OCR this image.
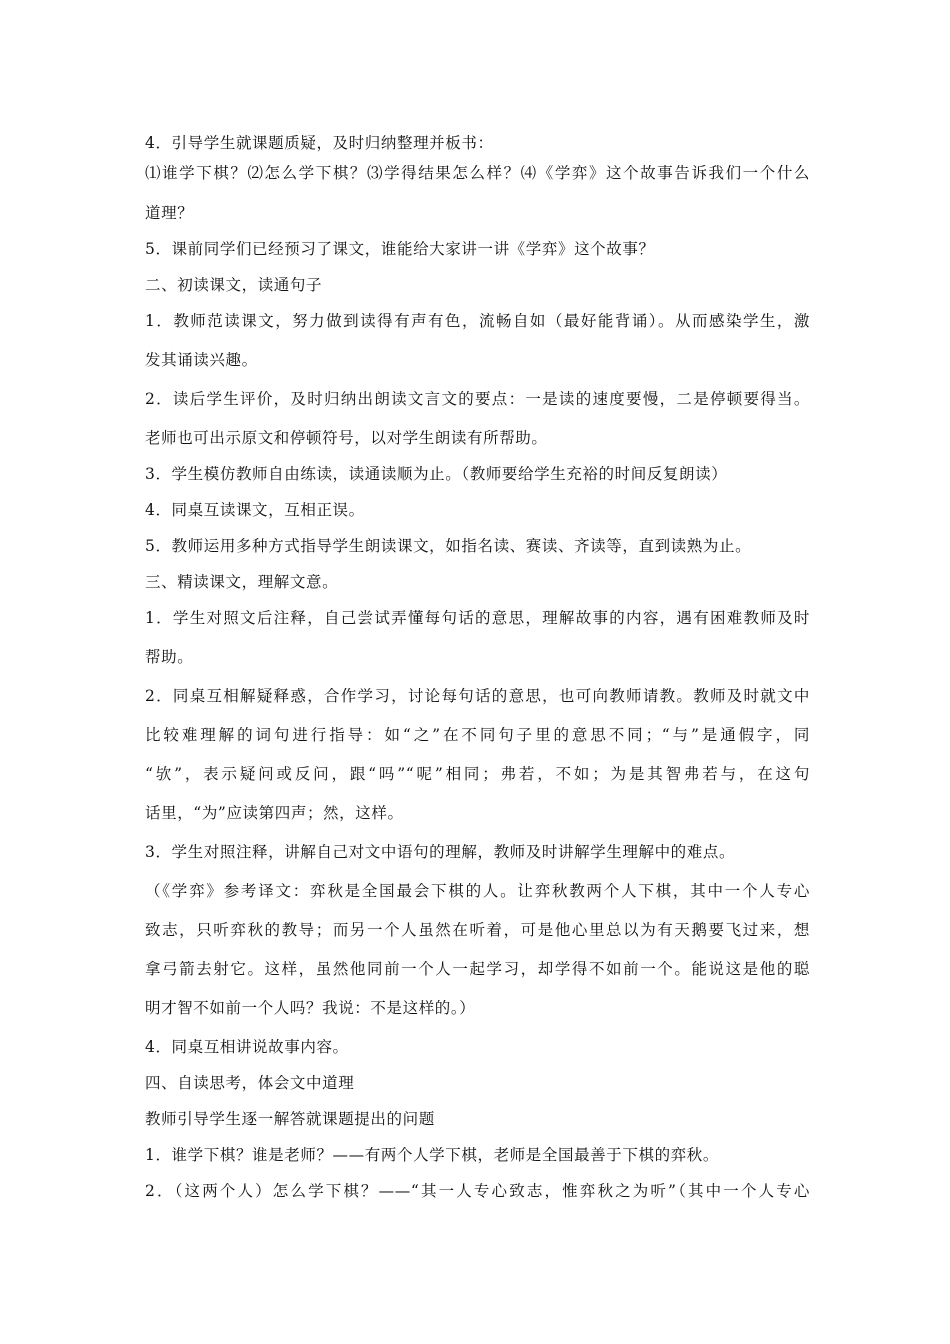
4．引导学生就课题质疑，及时归纳整理并板书：
⑴谁学下棋？⑵怎么学下棋？⑶学得结果怎么样？⑷《学弈》这个故事告诉我们一个什么
道理？
5．课前同学们已经预习了课文，谁能给大家讲一讲《学弈》这个故事？
二、初读课文，读通句子
1．教师范读课文，努力做到读得有声有色，流畅自如（最好能背诵）。从而感染学生，激
发其诵读兴趣。
2．读后学生评价，及时归纳出朗读文言文的要点：一是读的速度要慢，二是停顿要得当。
老师也可出示原文和停顿符号，以对学生朗读有所帮助。
3．学生模仿教师自由练读，读通读顺为止。（教师要给学生充裕的时间反复朗读）
4．同桌互读课文，互相正误。
5．教师运用多种方式指导学生朗读课文，如指名读、赛读、齐读等，直到读熟为止。
三、精读课文，理解文意。
1．学生对照文后注释，自己尝试弄懂每句话的意思，理解故事的内容，遇有困难教师及时
帮助。
2．同桌互相解疑释惑，合作学习，讨论每句话的意思，也可向教师请教。教师及时就文中
比较难理解的词句进行指导：如“之”在不同句子里的意思不同；“与”是通假字，同
“欤”，表示疑问或反问，跟“吗”“呢”相同；弗若，不如；为是其智弗若与，在这句
话里，“为”应读第四声；然，这样。
3．学生对照注释，讲解自己对文中语句的理解，教师及时讲解学生理解中的难点。
（《学弈》参考译文：弈秋是全国最会下棋的人。让弈秋教两个人下棋，其中一个人专心
致志，只听弈秋的教导；而另一个人虽然在听着，可是他心里总以为有天鹅要飞过来，想
拿弓箭去射它。这样，虽然他同前一个人一起学习，却学得不如前一个。能说这是他的聪
明才智不如前一个人吗？我说：不是这样的。）
4．同桌互相讲说故事内容。
四、自读思考，体会文中道理
教师引导学生逐一解答就课题提出的问题
1．谁学下棋？谁是老师？——有两个人学下棋，老师是全国最善于下棋的弈秋。
2．（这两个人）怎么学下棋？——“其一人专心致志，惟弈秋之为听”（其中一个人专心
